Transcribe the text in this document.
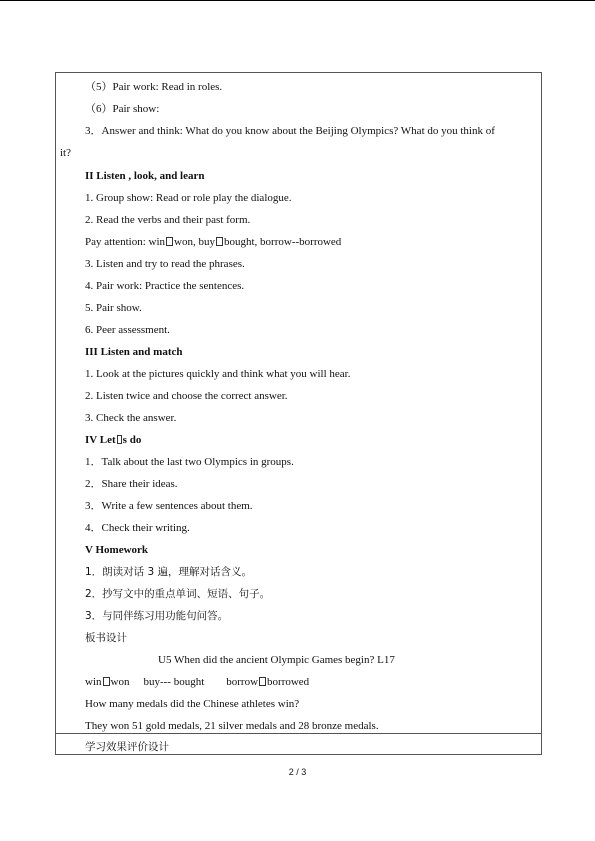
（5）Pair work: Read in roles.
（6）Pair show:
3．Answer and think: What do you know about the Beijing Olympics? What do you think of
it?
II Listen , look, and learn
1. Group show: Read or role play the dialogue.
2. Read the verbs and their past form.
Pay attention: win won, buy bought, borrow--borrowed
3. Listen and try to read the phrases.
4. Pair work: Practice the sentences.
5. Pair show.
6. Peer assessment.
III Listen and match
1. Look at the pictures quickly and think what you will hear.
2. Listen twice and choose the correct answer.
3. Check the answer.
IV Let s do
1．Talk about the last two Olympics in groups.
2．Share their ideas.
3．Write a few sentences about them.
4．Check their writing.
V Homework
1．朗读对话 3 遍，理解对话含义。
2．抄写文中的重点单词、短语、句子。
3．与同伴练习用功能句问答。
板书设计
U5 When did the ancient Olympic Games begin? L17
win won buy--- bought borrow borrowed
How many medals did the Chinese athletes win?
They won 51 gold medals, 21 silver medals and 28 bronze medals.
学习效果评价设计
2 / 3
